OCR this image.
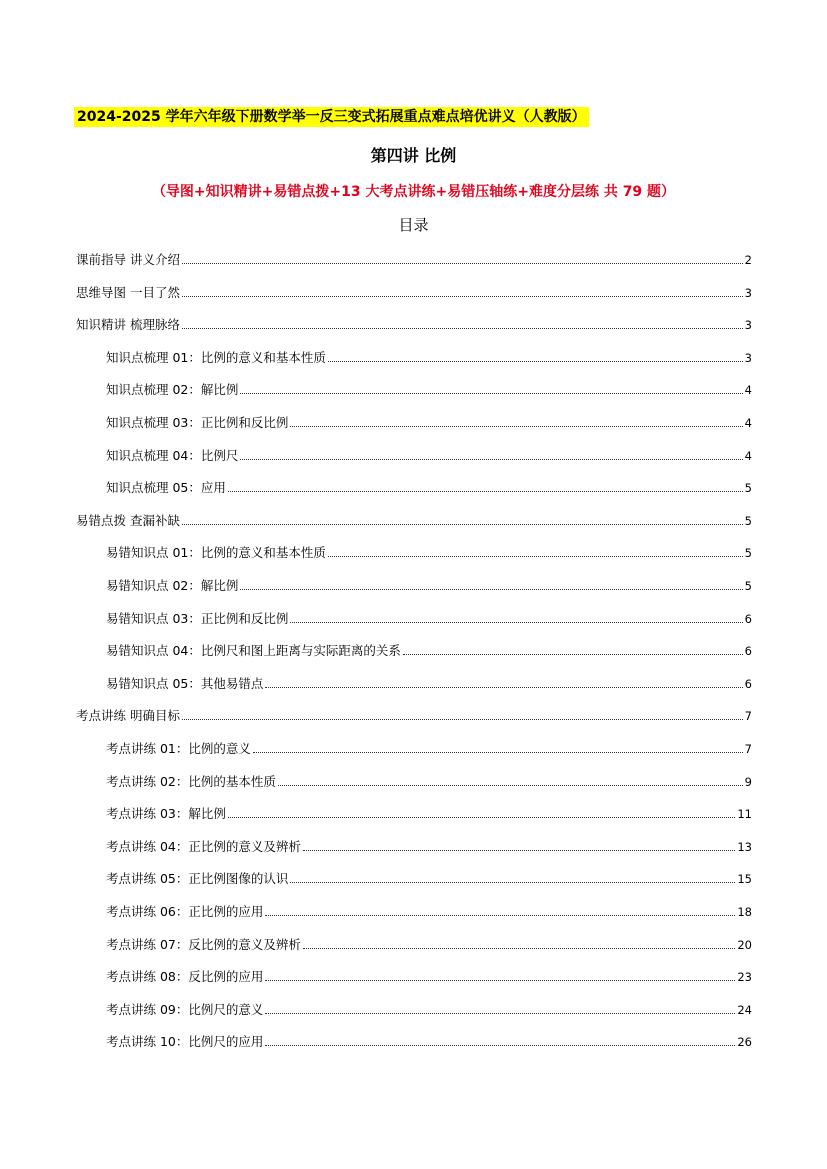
2024-2025 学年六年级下册数学举一反三变式拓展重点难点培优讲义（人教版）
第四讲 比例
（导图+知识精讲+易错点拨+13 大考点讲练+易错压轴练+难度分层练 共 79 题）
目录
课前指导 讲义介绍	2
思维导图 一目了然	3
知识精讲 梳理脉络	3
知识点梳理 01：比例的意义和基本性质	3
知识点梳理 02：解比例	4
知识点梳理 03：正比例和反比例	4
知识点梳理 04：比例尺	4
知识点梳理 05：应用	5
易错点拨 查漏补缺	5
易错知识点 01：比例的意义和基本性质	5
易错知识点 02：解比例	5
易错知识点 03：正比例和反比例	6
易错知识点 04：比例尺和图上距离与实际距离的关系	6
易错知识点 05：其他易错点	6
考点讲练 明确目标	7
考点讲练 01：比例的意义	7
考点讲练 02：比例的基本性质	9
考点讲练 03：解比例	11
考点讲练 04：正比例的意义及辨析	13
考点讲练 05：正比例图像的认识	15
考点讲练 06：正比例的应用	18
考点讲练 07：反比例的意义及辨析	20
考点讲练 08：反比例的应用	23
考点讲练 09：比例尺的意义	24
考点讲练 10：比例尺的应用	26
